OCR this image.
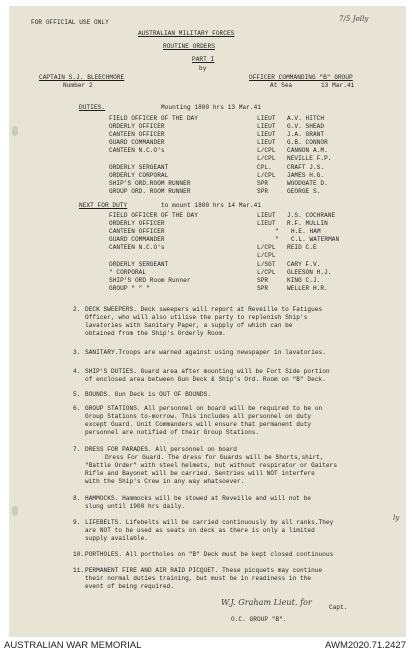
FOR OFFICIAL USE ONLY	7/5 Jolly
AUSTRALIAN MILITARY FORCES
ROUTINE ORDERS
PART I
by
CAPTAIN S.J. BLEECHMORE
Number 2
OFFICER COMMANDING "B" GROUP
At Sea	13 Mar.41
DUTIES.	Mounting 1800 hrs 13 Mar.41
FIELD OFFICER OF THE DAY	LIEUT A.V. HITCH
ORDERLY OFFICER	LIEUT G.V. SHEAD
CANTEEN OFFICER	LIEUT J.A. GRANT
GUARD COMMANDER	LIEUT G.B. CONNOR
CANTEEN N.C.O's	L/CPL CANNON A.M.
L/CPL NEVILLE F.P.
ORDERLY SERGEANT	CPL. CRAFT J.S.
ORDERLY CORPORAL	L/CPL JAMES H.G.
SHIP'S ORD.ROOM RUNNER	SPR	WOODGATE D.
GROUP ORD. ROOM RUNNER	SPR	GEORGE S.
NEXT FOR DUTY	to mount 1800 hrs 14 Mar.41
FIELD OFFICER OF THE DAY	LIEUT J.S. COCHRANE
ORDERLY OFFICER	LIEUT R.F. MULLIN
CANTEEN OFFICER	" H.E. HAM
GUARD COMMANDER	" C.L. WATERMAN
CANTEEN N.C.O's	L/CPL REID C.E
L/CPL
ORDERLY SERGEANT	L/SGT CARY F.V.
" CORPORAL	L/CPL GLEESON H.J.
SHIP'S ORD Room Runner	SPR	KING C.J.
GROUP " " "	SPR	WELLER H.R.
2. DECK SWEEPERS. Deck sweepers will report at Reveille to Fatigues
Officer, who will also utilise the party to replenish Ship's
lavatories with Sanitary Paper, a supply of which can be
obtained from the Ship's Orderly Room.
3. SANITARY.Troops are warned against using newspaper in lavatories.
4. SHIP'S DUTIES. Guard area after mounting will be Fort Side portion
of enclosed area between Gun Deck & Ship's Ord. Room on "B" Deck.
5. BOUNDS. Gun Deck is OUT OF BOUNDS.
6. GROUP STATIONS. All personnel on board will be required to be on
Group Stations to-morrow. This includes all personnel on duty
except Guard. Unit Commanders will ensure that permanent duty
personnel are notified of their Group Stations.
7. DRESS FOR PARADES. All personnel on board
Dress For Guard. The dress for Guards will be Shorts,shirt,
"Battle Order" with steel helmets, but without respirator or Gaiters
Rifle and Bayonet will be carried. Sentries will NOT interfere
with the Ship's Crew in any way whatsoever.
8. HAMMOCKS. Hammocks will be stowed at Reveille and will not be
slung until 1900 hrs daily.
9. LIFEBELTS. Lifebelts will be carried continuously by all ranks.They
are NOT to be used as seats on deck as there is only a limited
supply available.
ly
10. PORTHOLES. All portholes on "B" Deck must be kept closed continuous
11. PERMANENT FIRE AND AIR RAID PICQUET. These picquets may continue
their normal duties training, but must be in readiness in the
event of being required.
W.J. Graham Lieut. for
Capt.
O.C. GROUP "B".
AUSTRALIAN WAR MEMORIAL	AWM2020.71.2427
